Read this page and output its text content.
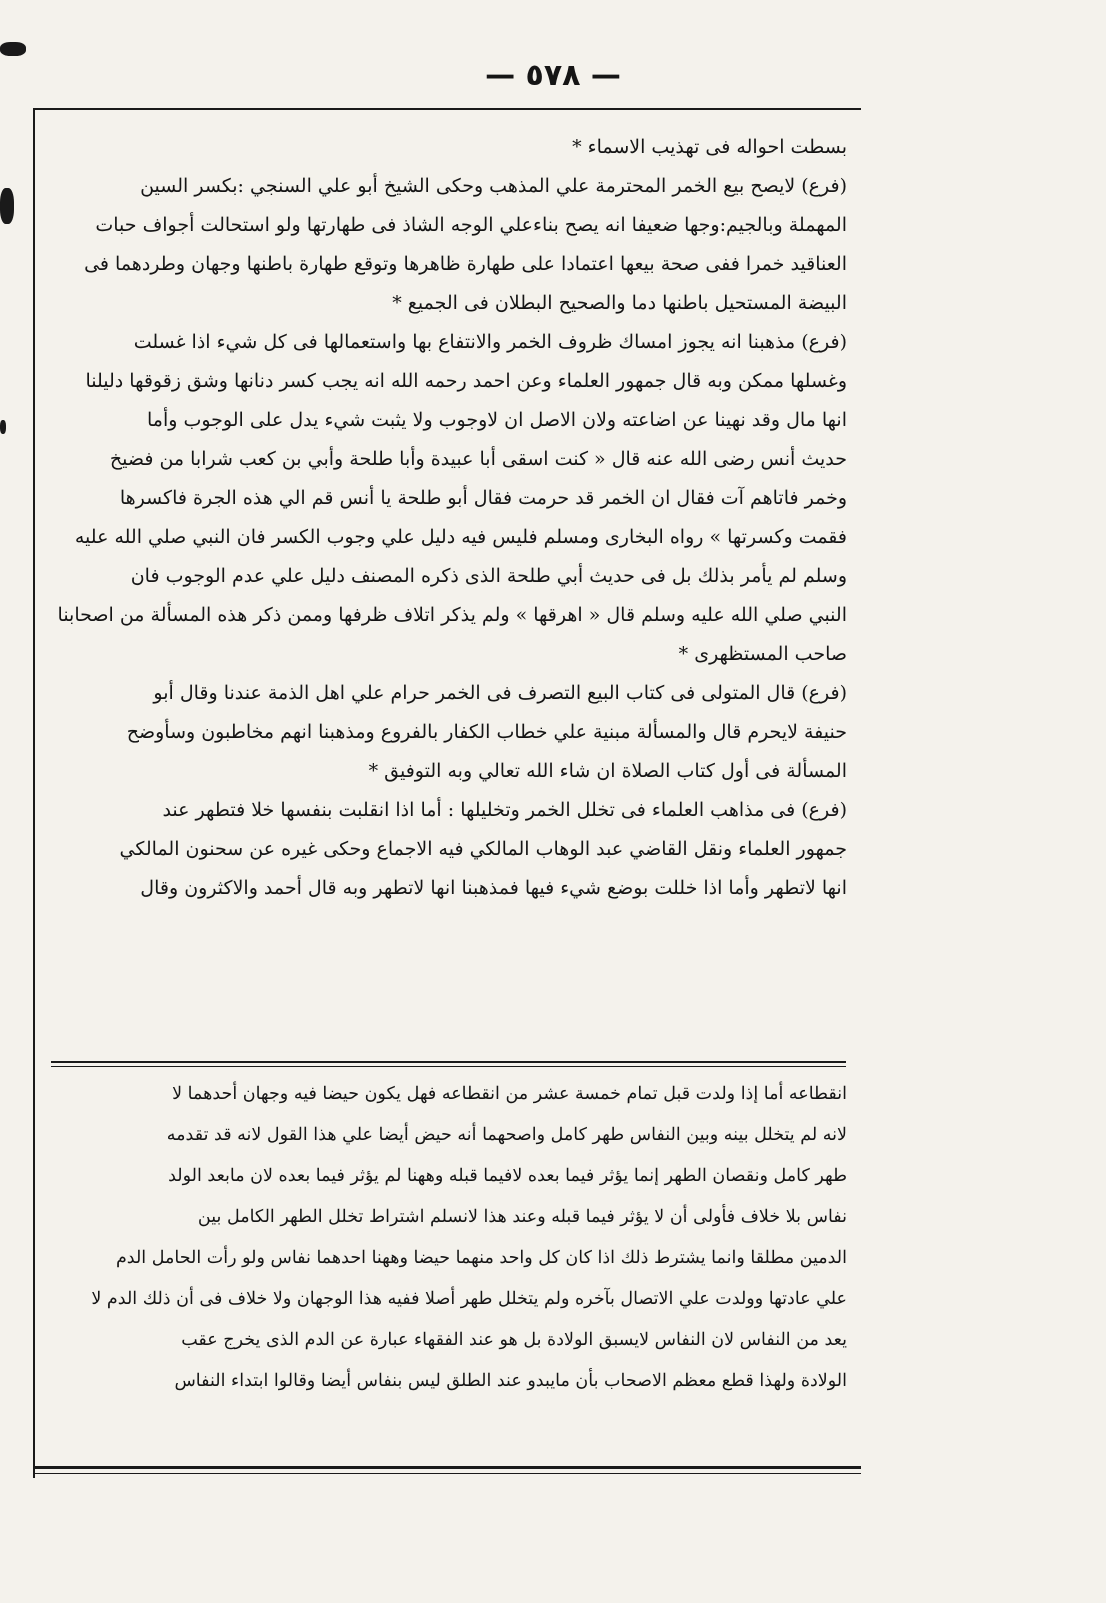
— ٥٧٨ —
بسطت احواله فى تهذيب الاسماء *
(فرع) لايصح بيع الخمر المحترمة علي المذهب وحكى الشيخ أبو علي السنجي :بكسر السين
المهملة وبالجيم:وجها ضعيفا انه يصح بناءعلي الوجه الشاذ فى طهارتها ولو استحالت أجواف حبات
العناقيد خمرا ففى صحة بيعها اعتمادا على طهارة ظاهرها وتوقع طهارة باطنها وجهان وطردهما فى
البيضة المستحيل باطنها دما والصحيح البطلان فى الجميع *
(فرع) مذهبنا انه يجوز امساك ظروف الخمر والانتفاع بها واستعمالها فى كل شيء اذا غسلت
وغسلها ممكن وبه قال جمهور العلماء وعن احمد رحمه الله انه يجب كسر دنانها وشق زقوقها دليلنا
انها مال وقد نهينا عن اضاعته ولان الاصل ان لاوجوب ولا يثبت شيء يدل على الوجوب وأما
حديث أنس رضى الله عنه قال « كنت اسقى أبا عبيدة وأبا طلحة وأبي بن كعب شرابا من فضيخ
وخمر فاتاهم آت فقال ان الخمر قد حرمت فقال أبو طلحة يا أنس قم الي هذه الجرة فاكسرها
فقمت وكسرتها » رواه البخارى ومسلم فليس فيه دليل علي وجوب الكسر فان النبي صلي الله عليه
وسلم لم يأمر بذلك بل فى حديث أبي طلحة الذى ذكره المصنف دليل علي عدم الوجوب فان
النبي صلي الله عليه وسلم قال « اهرقها » ولم يذكر اتلاف ظرفها وممن ذكر هذه المسألة من اصحابنا
صاحب المستظهرى *
(فرع) قال المتولى فى كتاب البيع التصرف فى الخمر حرام علي اهل الذمة عندنا وقال أبو
حنيفة لايحرم قال والمسألة مبنية علي خطاب الكفار بالفروع ومذهبنا انهم مخاطبون وسأوضح
المسألة فى أول كتاب الصلاة ان شاء الله تعالي وبه التوفيق *
(فرع) فى مذاهب العلماء فى تخلل الخمر وتخليلها : أما اذا انقلبت بنفسها خلا فتطهر عند
جمهور العلماء ونقل القاضي عبد الوهاب المالكي فيه الاجماع وحكى غيره عن سحنون المالكي
انها لاتطهر وأما اذا خللت بوضع شيء فيها فمذهبنا انها لاتطهر وبه قال أحمد والاكثرون وقال
انقطاعه أما إذا ولدت قبل تمام خمسة عشر من انقطاعه فهل يكون حيضا فيه وجهان أحدهما لا
لانه لم يتخلل بينه وبين النفاس طهر كامل واصحهما أنه حيض أيضا علي هذا القول لانه قد تقدمه
طهر كامل ونقصان الطهر إنما يؤثر فيما بعده لافيما قبله وههنا لم يؤثر فيما بعده لان مابعد الولد
نفاس بلا خلاف فأولى أن لا يؤثر فيما قبله وعند هذا لانسلم اشتراط تخلل الطهر الكامل بين
الدمين مطلقا وانما يشترط ذلك اذا كان كل واحد منهما حيضا وههنا احدهما نفاس ولو رأت الحامل الدم
علي عادتها وولدت علي الاتصال بآخره ولم يتخلل طهر أصلا ففيه هذا الوجهان ولا خلاف فى أن ذلك الدم لا
يعد من النفاس لان النفاس لايسبق الولادة بل هو عند الفقهاء عبارة عن الدم الذى يخرج عقب
الولادة ولهذا قطع معظم الاصحاب بأن مايبدو عند الطلق ليس بنفاس أيضا وقالوا ابتداء النفاس
